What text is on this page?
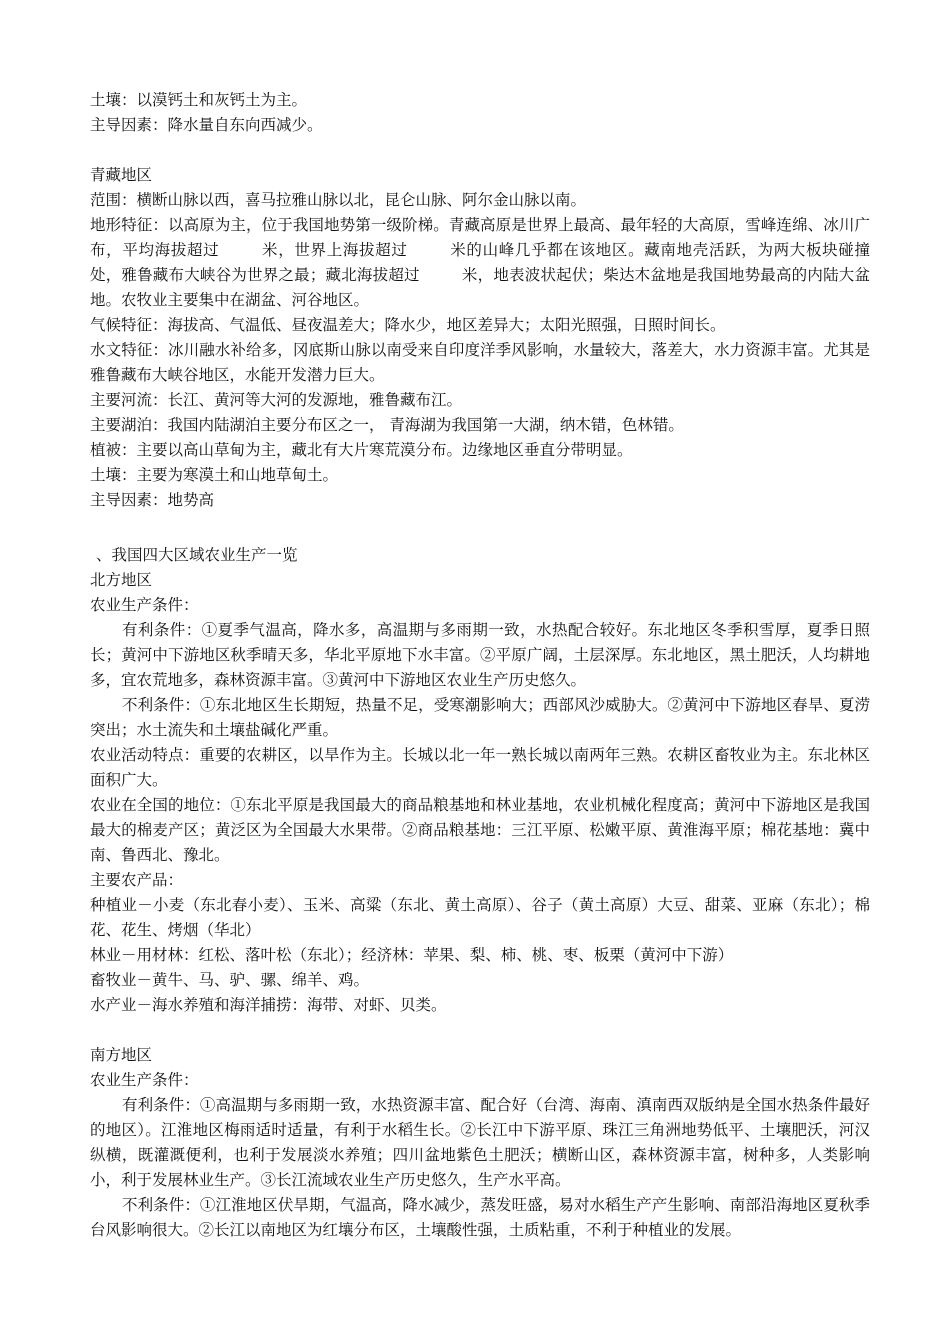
土壤：以漠钙土和灰钙土为主。

主导因素：降水量自东向西减少。

青藏地区

范围：横断山脉以西，喜马拉雅山脉以北，昆仑山脉、阿尔金山脉以南。

地形特征：以高原为主，位于我国地势第一级阶梯。青藏高原是世界上最高、最年轻的大高原，雪峰连绵、冰川广布，平均海拔超过	米，世界上海拔超过	米的山峰几乎都在该地区。藏南地壳活跃，为两大板块碰撞处，雅鲁藏布大峡谷为世界之最；藏北海拔超过	米，地表波状起伏；柴达木盆地是我国地势最高的内陆大盆地。农牧业主要集中在湖盆、河谷地区。

气候特征：海拔高、气温低、昼夜温差大；降水少，地区差异大；太阳光照强，日照时间长。

水文特征：冰川融水补给多，冈底斯山脉以南受来自印度洋季风影响，水量较大，落差大，水力资源丰富。尤其是雅鲁藏布大峡谷地区，水能开发潜力巨大。

主要河流：长江、黄河等大河的发源地，雅鲁藏布江。

主要湖泊：我国内陆湖泊主要分布区之一， 青海湖为我国第一大湖，纳木错，色林错。

植被：主要以高山草甸为主，藏北有大片寒荒漠分布。边缘地区垂直分带明显。

土壤：主要为寒漠土和山地草甸土。

主导因素：地势高

、我国四大区域农业生产一览

北方地区

农业生产条件：

有利条件：①夏季气温高，降水多，高温期与多雨期一致，水热配合较好。东北地区冬季积雪厚，夏季日照长；黄河中下游地区秋季晴天多，华北平原地下水丰富。②平原广阔，土层深厚。东北地区，黑土肥沃，人均耕地多，宜农荒地多，森林资源丰富。③黄河中下游地区农业生产历史悠久。

不利条件：①东北地区生长期短，热量不足，受寒潮影响大；西部风沙威胁大。②黄河中下游地区春旱、夏涝突出；水土流失和土壤盐碱化严重。

农业活动特点：重要的农耕区，以旱作为主。长城以北一年一熟长城以南两年三熟。农耕区畜牧业为主。东北林区面积广大。

农业在全国的地位：①东北平原是我国最大的商品粮基地和林业基地，农业机械化程度高；黄河中下游地区是我国最大的棉麦产区；黄泛区为全国最大水果带。②商品粮基地：三江平原、松嫩平原、黄淮海平原；棉花基地：冀中南、鲁西北、豫北。

主要农产品：

种植业－小麦（东北春小麦）、玉米、高粱（东北、黄土高原）、谷子（黄土高原）大豆、甜菜、亚麻（东北）；棉花、花生、烤烟（华北）

林业－用材林：红松、落叶松（东北）；经济林：苹果、梨、柿、桃、枣、板栗（黄河中下游）

畜牧业－黄牛、马、驴、骡、绵羊、鸡。

水产业－海水养殖和海洋捕捞：海带、对虾、贝类。

南方地区

农业生产条件：

有利条件：①高温期与多雨期一致，水热资源丰富、配合好（台湾、海南、滇南西双版纳是全国水热条件最好的地区）。江淮地区梅雨适时适量，有利于水稻生长。②长江中下游平原、珠江三角洲地势低平、土壤肥沃，河汉纵横，既灌溉便利，也利于发展淡水养殖；四川盆地紫色土肥沃；横断山区，森林资源丰富，树种多，人类影响小，利于发展林业生产。③长江流域农业生产历史悠久，生产水平高。

不利条件：①江淮地区伏旱期，气温高，降水减少，蒸发旺盛，易对水稻生产产生影响、南部沿海地区夏秋季台风影响很大。②长江以南地区为红壤分布区，土壤酸性强，土质粘重，不利于种植业的发展。
